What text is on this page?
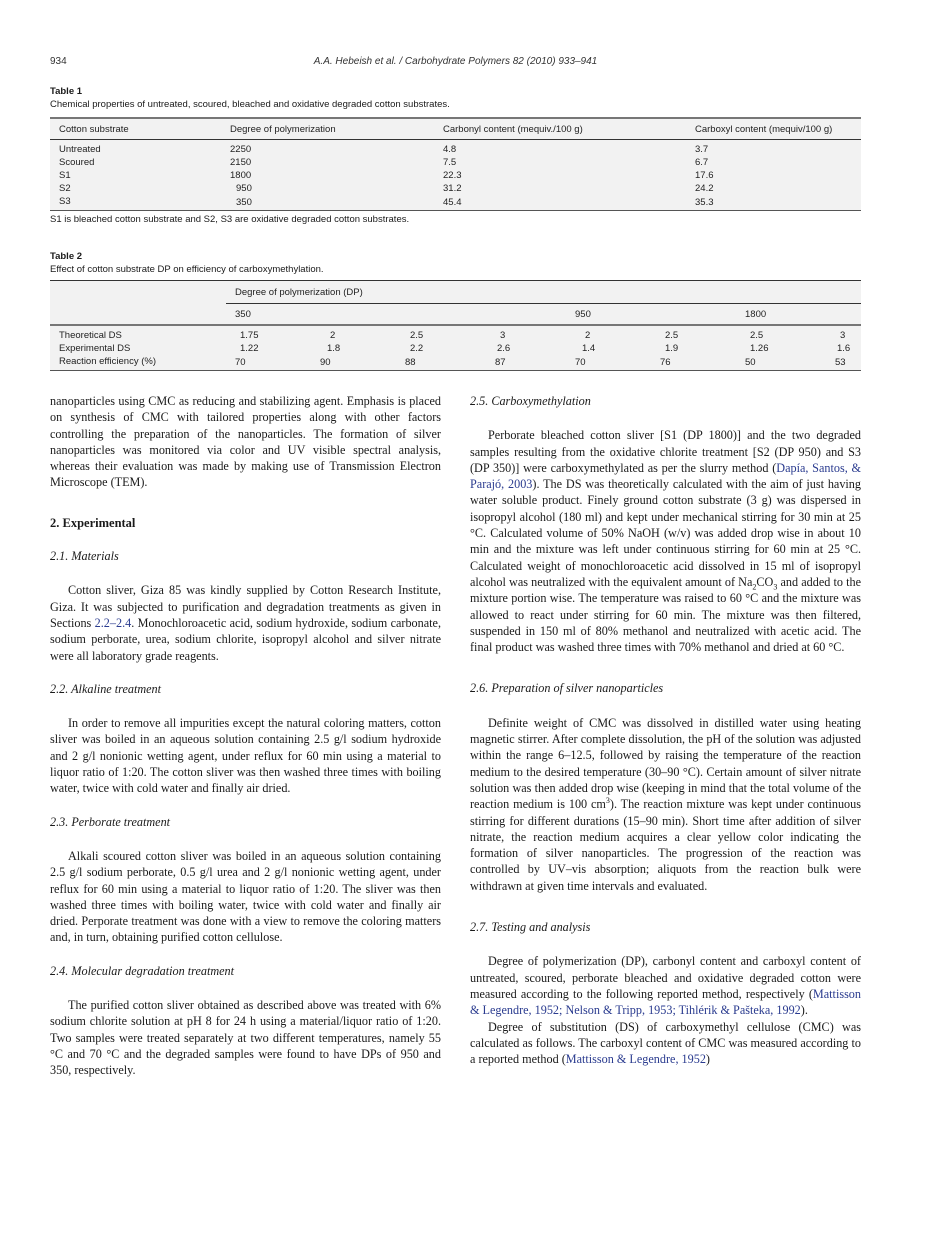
934	A.A. Hebeish et al. / Carbohydrate Polymers 82 (2010) 933–941
Table 1
Chemical properties of untreated, scoured, bleached and oxidative degraded cotton substrates.
Cotton substrate	Degree of polymerization	Carbonyl content (mequiv./100 g)	Carboxyl content (mequiv/100 g)
Untreated	2250	4.8	3.7
Scoured	2150	7.5	6.7
S1	1800	22.3	17.6
S2	950	31.2	24.2
S3	350	45.4	35.3
S1 is bleached cotton substrate and S2, S3 are oxidative degraded cotton substrates.
Table 2
Effect of cotton substrate DP on efficiency of carboxymethylation.
	Degree of polymerization (DP)							
	350				950		1800	
Theoretical DS	1.75	2	2.5	3	2	2.5	2.5	3
Experimental DS	1.22	1.8	2.2	2.6	1.4	1.9	1.26	1.6
Reaction efficiency (%)	70	90	88	87	70	76	50	53

nanoparticles using CMC as reducing and stabilizing agent. Emphasis is placed on synthesis of CMC with tailored properties along with other factors controlling the preparation of the nanoparticles. The formation of silver nanoparticles was monitored via color and UV visible spectral analysis, whereas their evaluation was made by making use of Transmission Electron Microscope (TEM).

2. Experimental
2.1. Materials

Cotton sliver, Giza 85 was kindly supplied by Cotton Research Institute, Giza. It was subjected to purification and degradation treatments as given in Sections 2.2–2.4. Monochloroacetic acid, sodium hydroxide, sodium carbonate, sodium perborate, urea, sodium chlorite, isopropyl alcohol and silver nitrate were all laboratory grade reagents.

2.2. Alkaline treatment

In order to remove all impurities except the natural coloring matters, cotton sliver was boiled in an aqueous solution containing 2.5 g/l sodium hydroxide and 2 g/l nonionic wetting agent, under reflux for 60 min using a material to liquor ratio of 1:20. The cotton sliver was then washed three times with boiling water, twice with cold water and finally air dried.

2.3. Perborate treatment

Alkali scoured cotton sliver was boiled in an aqueous solution containing 2.5 g/l sodium perborate, 0.5 g/l urea and 2 g/l nonionic wetting agent, under reflux for 60 min using a material to liquor ratio of 1:20. The sliver was then washed three times with boiling water, twice with cold water and finally air dried. Perporate treatment was done with a view to remove the coloring matters and, in turn, obtaining purified cotton cellulose.

2.4. Molecular degradation treatment

The purified cotton sliver obtained as described above was treated with 6% sodium chlorite solution at pH 8 for 24 h using a material/liquor ratio of 1:20. Two samples were treated separately at two different temperatures, namely 55 °C and 70 °C and the degraded samples were found to have DPs of 950 and 350, respectively.

2.5. Carboxymethylation

Perborate bleached cotton sliver [S1 (DP 1800)] and the two degraded samples resulting from the oxidative chlorite treatment [S2 (DP 950) and S3 (DP 350)] were carboxymethylated as per the slurry method (Dapía, Santos, & Parajó, 2003). The DS was theoretically calculated with the aim of just having water soluble product. Finely ground cotton substrate (3 g) was dispersed in isopropyl alcohol (180 ml) and kept under mechanical stirring for 30 min at 25 °C. Calculated volume of 50% NaOH (w/v) was added drop wise in about 10 min and the mixture was left under continuous stirring for 60 min at 25 °C. Calculated weight of monochloroacetic acid dissolved in 15 ml of isopropyl alcohol was neutralized with the equivalent amount of $Na_2CO_3$ and added to the mixture portion wise. The temperature was raised to 60 °C and the mixture was allowed to react under stirring for 60 min. The mixture was then filtered, suspended in 150 ml of 80% methanol and neutralized with acetic acid. The final product was washed three times with 70% methanol and dried at 60 °C.

2.6. Preparation of silver nanoparticles

Definite weight of CMC was dissolved in distilled water using heating magnetic stirrer. After complete dissolution, the pH of the solution was adjusted within the range 6–12.5, followed by raising the temperature of the reaction medium to the desired temperature (30–90 °C). Certain amount of silver nitrate solution was then added drop wise (keeping in mind that the total volume of the reaction medium is 100 $cm^3$). The reaction mixture was kept under continuous stirring for different durations (15–90 min). Short time after addition of silver nitrate, the reaction medium acquires a clear yellow color indicating the formation of silver nanoparticles. The progression of the reaction was controlled by UV–vis absorption; aliquots from the reaction bulk were withdrawn at given time intervals and evaluated.

2.7. Testing and analysis

Degree of polymerization (DP), carbonyl content and carboxyl content of untreated, scoured, perborate bleached and oxidative degraded cotton were measured according to the following reported method, respectively (Mattisson & Legendre, 1952; Nelson & Tripp, 1953; Tihlérik & Pašteka, 1992).

Degree of substitution (DS) of carboxymethyl cellulose (CMC) was calculated as follows. The carboxyl content of CMC was measured according to a reported method (Mattisson & Legendre, 1952)
